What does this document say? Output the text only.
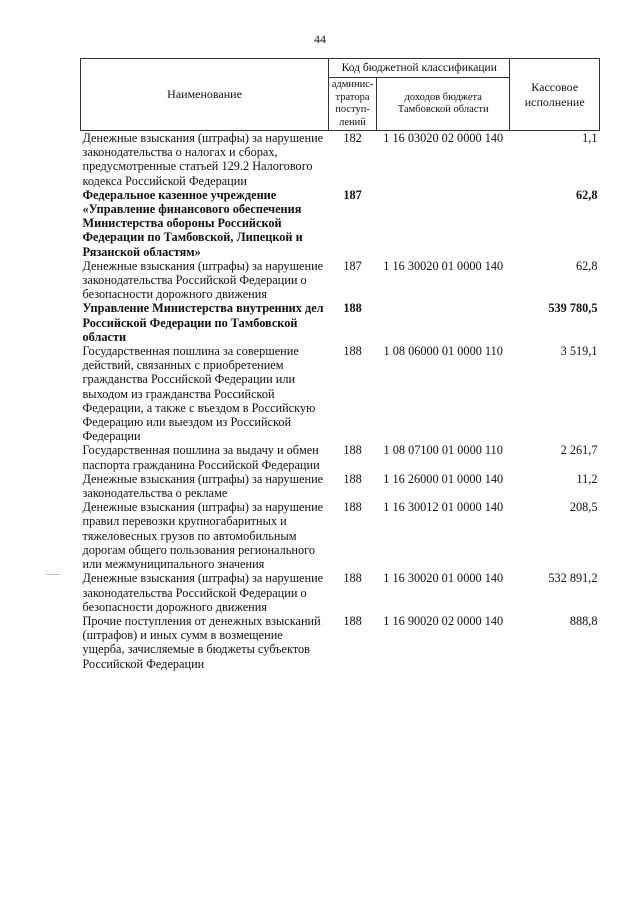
44
Наименование	Код бюджетной классификации		Кассовое исполнение
	админис-тратора поступ-лений	доходов бюджета Тамбовской области	
Денежные взыскания (штрафы) за нарушение законодательства о налогах и сборах, предусмотренные статьей 129.2 Налогового кодекса Российской Федерации	182	1 16 03020 02 0000 140	1,1
Федеральное казенное учреждение «Управление финансового обеспечения Министерства обороны Российской Федерации по Тамбовской, Липецкой и Рязанской областям»	187		62,8
Денежные взыскания (штрафы) за нарушение законодательства Российской Федерации о безопасности дорожного движения	187	1 16 30020 01 0000 140	62,8
Управление Министерства внутренних дел Российской Федерации по Тамбовской области	188		539 780,5
Государственная пошлина за совершение действий, связанных с приобретением гражданства Российской Федерации или выходом из гражданства Российской Федерации, а также с въездом в Российскую Федерацию или выездом из Российской Федерации	188	1 08 06000 01 0000 110	3 519,1
Государственная пошлина за выдачу и обмен паспорта гражданина Российской Федерации	188	1 08 07100 01 0000 110	2 261,7
Денежные взыскания (штрафы) за нарушение законодательства о рекламе	188	1 16 26000 01 0000 140	11,2
Денежные взыскания (штрафы) за нарушение правил перевозки крупногабаритных и тяжеловесных грузов по автомобильным дорогам общего пользования регионального или межмуниципального значения	188	1 16 30012 01 0000 140	208,5
Денежные взыскания (штрафы) за нарушение законодательства Российской Федерации о безопасности дорожного движения	188	1 16 30020 01 0000 140	532 891,2
Прочие поступления от денежных взысканий (штрафов) и иных сумм в возмещение ущерба, зачисляемые в бюджеты субъектов Российской Федерации	188	1 16 90020 02 0000 140	888,8
